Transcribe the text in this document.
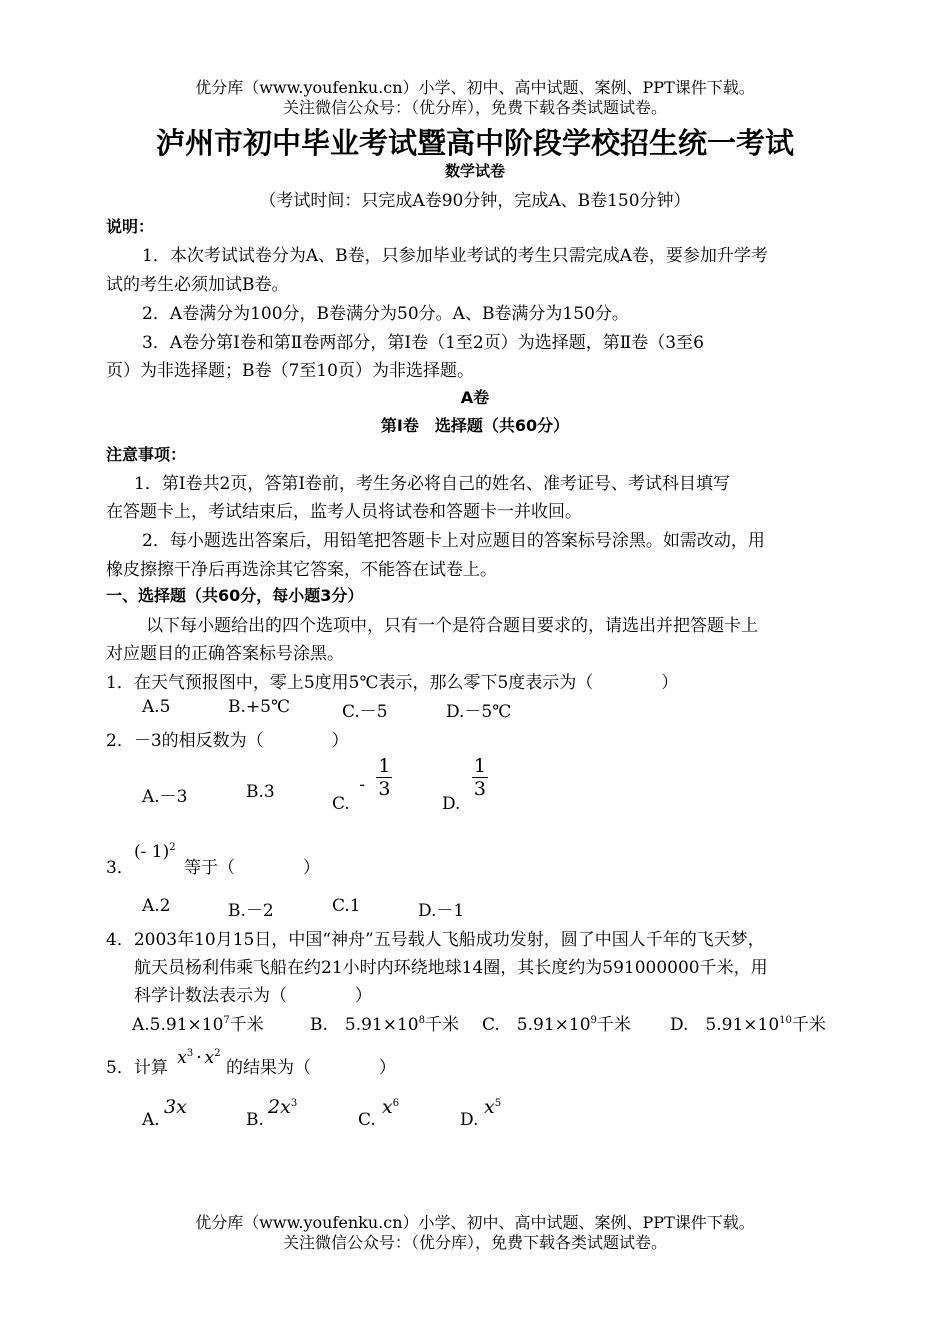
优分库（www.youfenku.cn）小学、初中、高中试题、案例、PPT课件下载。
关注微信公众号：（优分库），免费下载各类试题试卷。
泸州市初中毕业考试暨高中阶段学校招生统一考试
数学试卷
（考试时间：只完成A卷90分钟，完成A、B卷150分钟）
说明：
1．本次考试试卷分为A、B卷，只参加毕业考试的考生只需完成A卷，要参加升学考
试的考生必须加试B卷。
2．A卷满分为100分，B卷满分为50分。A、B卷满分为150分。
3．A卷分第Ⅰ卷和第Ⅱ卷两部分，第Ⅰ卷（1至2页）为选择题，第Ⅱ卷（3至6
页）为非选择题；B卷（7至10页）为非选择题。
A卷
第Ⅰ卷　选择题（共60分）
注意事项：
1．第Ⅰ卷共2页，答第Ⅰ卷前，考生务必将自己的姓名、准考证号、考试科目填写
在答题卡上，考试结束后，监考人员将试卷和答题卡一并收回。
2．每小题选出答案后，用铅笔把答题卡上对应题目的答案标号涂黑。如需改动，用
橡皮擦擦干净后再选涂其它答案，不能答在试卷上。
一、选择题（共60分，每小题3分）
以下每小题给出的四个选项中，只有一个是符合题目要求的，请选出并把答题卡上
对应题目的正确答案标号涂黑。
1．在天气预报图中，零上5度用5℃表示，那么零下5度表示为（　　　　）
A.5	B.+5℃	C.－5	D.－5℃
2．－3的相反数为（　　　　）
A.－3	B.3
C. - $\frac{1}{3}$
D.
$\frac{1}{3}$
3．
(- 1)$^2$
等于（　　　　）
A.2	B.－2	C.1	D.－1
4．2003年10月15日，中国“神舟”五号载人飞船成功发射，圆了中国人千年的飞天梦，
航天员杨利伟乘飞船在约21小时内环绕地球14圈，其长度约为591000000千米，用
科学计数法表示为（　　　　）
$A.5.91\times 10^7$千米	B.　$5.91\times 10^8$千米 C.　$5.91\times 10^9$千米 D.　$5.91\times 10^{10}$千米
5．计算 $x^3 \cdot x^2$ 的结果为（　　　　）
A.
3x
B.
$2x^3$
C.
$x^6$
D.
$x^5$
优分库（www.youfenku.cn）小学、初中、高中试题、案例、PPT课件下载。
关注微信公众号：（优分库），免费下载各类试题试卷。
